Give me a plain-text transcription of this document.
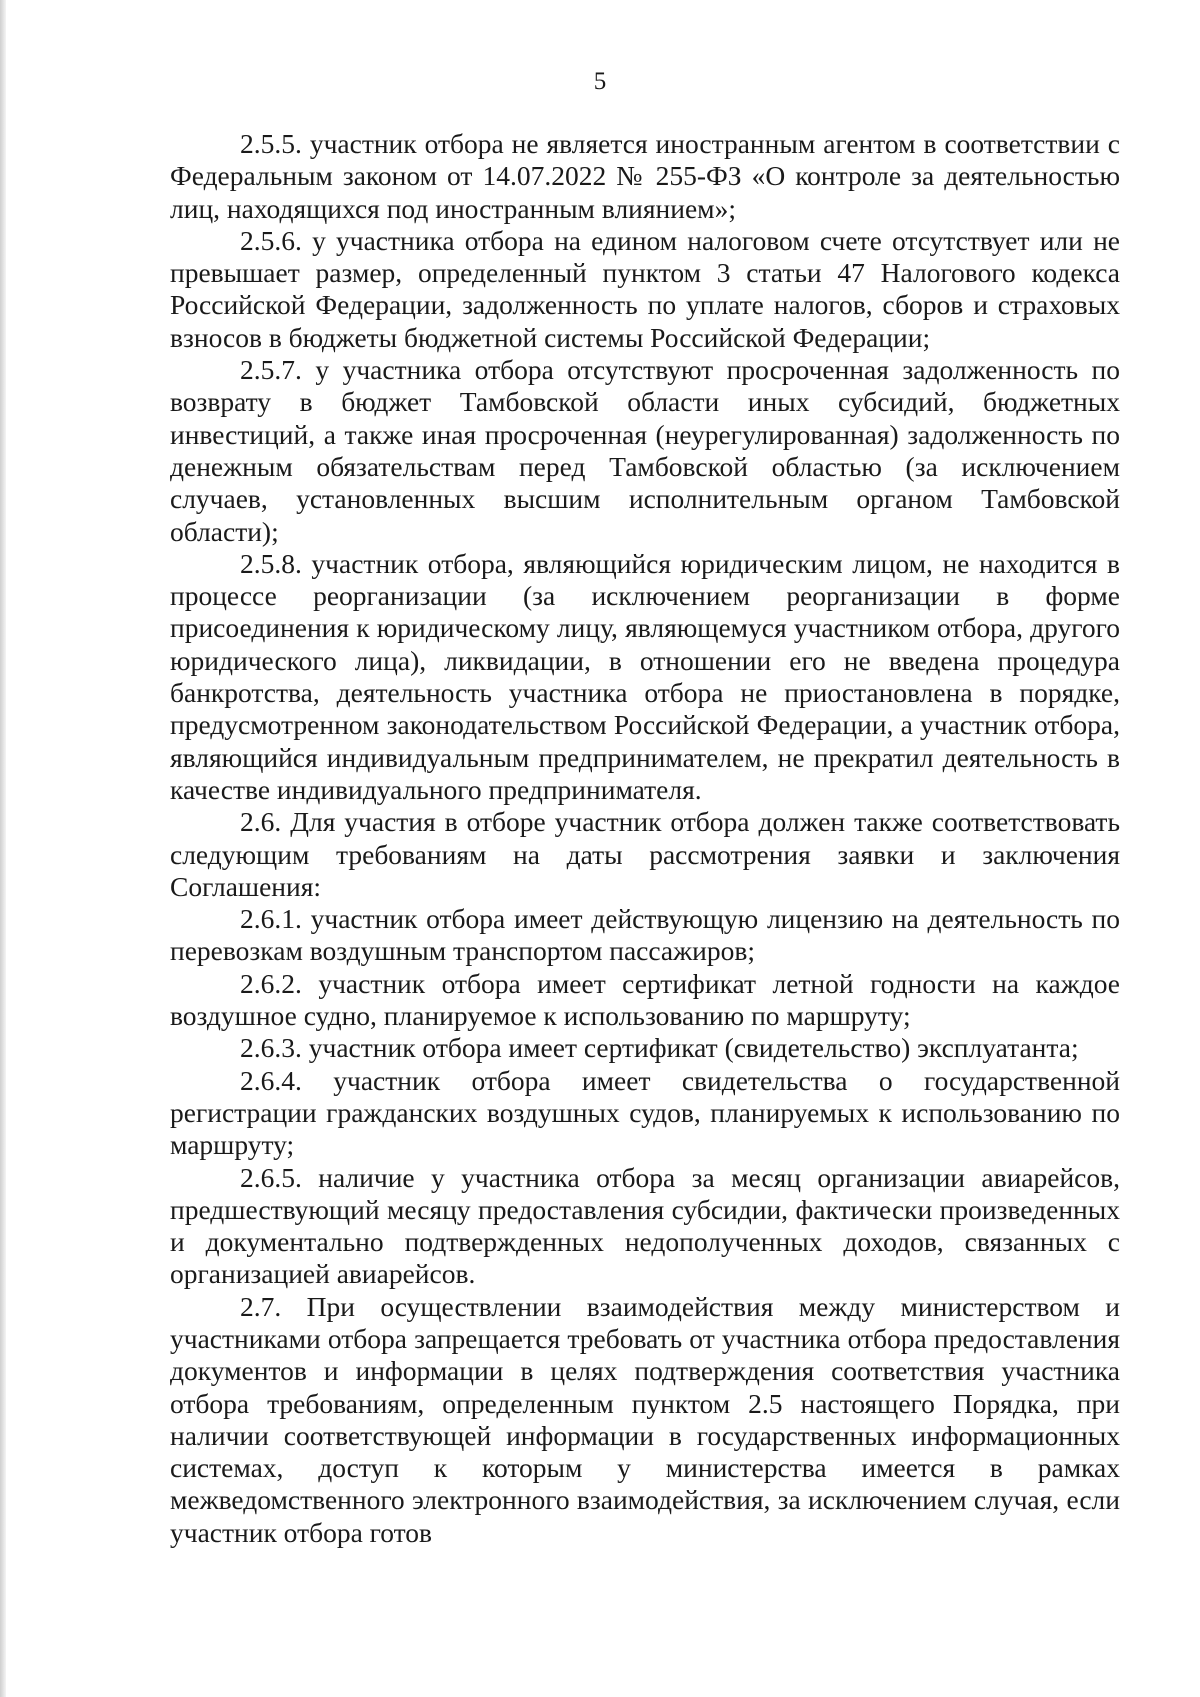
5

2.5.5. участник отбора не является иностранным агентом в соответствии с Федеральным законом от 14.07.2022 № 255-ФЗ «О контроле за деятельностью лиц, находящихся под иностранным влиянием»;

2.5.6. у участника отбора на едином налоговом счете отсутствует или не превышает размер, определенный пунктом 3 статьи 47 Налогового кодекса Российской Федерации, задолженность по уплате налогов, сборов и страховых взносов в бюджеты бюджетной системы Российской Федерации;

2.5.7. у участника отбора отсутствуют просроченная задолженность по возврату в бюджет Тамбовской области иных субсидий, бюджетных инвестиций, а также иная просроченная (неурегулированная) задолженность по денежным обязательствам перед Тамбовской областью (за исключением случаев, установленных высшим исполнительным органом Тамбовской области);

2.5.8. участник отбора, являющийся юридическим лицом, не находится в процессе реорганизации (за исключением реорганизации в форме присоединения к юридическому лицу, являющемуся участником отбора, другого юридического лица), ликвидации, в отношении его не введена процедура банкротства, деятельность участника отбора не приостановлена в порядке, предусмотренном законодательством Российской Федерации, а участник отбора, являющийся индивидуальным предпринимателем, не прекратил деятельность в качестве индивидуального предпринимателя.

2.6. Для участия в отборе участник отбора должен также соответствовать следующим требованиям на даты рассмотрения заявки и заключения Соглашения:

2.6.1. участник отбора имеет действующую лицензию на деятельность по перевозкам воздушным транспортом пассажиров;

2.6.2. участник отбора имеет сертификат летной годности на каждое воздушное судно, планируемое к использованию по маршруту;

2.6.3. участник отбора имеет сертификат (свидетельство) эксплуатанта;

2.6.4. участник отбора имеет свидетельства о государственной регистрации гражданских воздушных судов, планируемых к использованию по маршруту;

2.6.5. наличие у участника отбора за месяц организации авиарейсов, предшествующий месяцу предоставления субсидии, фактически произведенных и документально подтвержденных недополученных доходов, связанных с организацией авиарейсов.

2.7. При осуществлении взаимодействия между министерством и участниками отбора запрещается требовать от участника отбора предоставления документов и информации в целях подтверждения соответствия участника отбора требованиям, определенным пунктом 2.5 настоящего Порядка, при наличии соответствующей информации в государственных информационных системах, доступ к которым у министерства имеется в рамках межведомственного электронного взаимодействия, за исключением случая, если участник отбора готов
